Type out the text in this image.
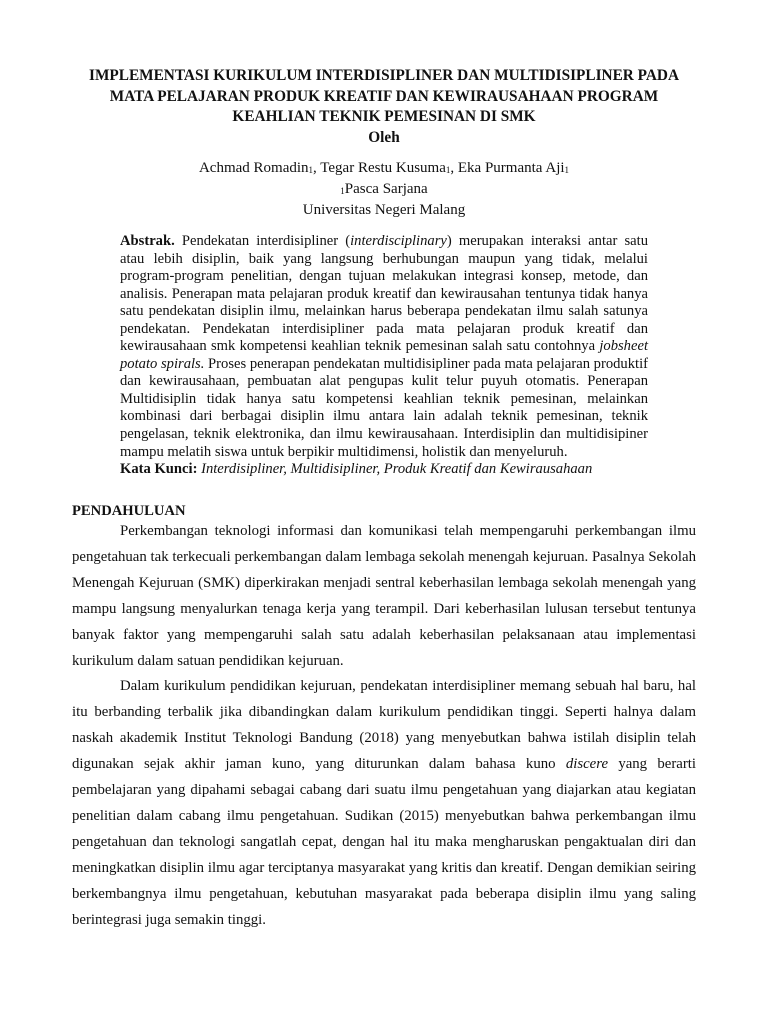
IMPLEMENTASI KURIKULUM INTERDISIPLINER DAN MULTIDISIPLINER PADA
MATA PELAJARAN PRODUK KREATIF DAN KEWIRAUSAHAAN PROGRAM
KEAHLIAN TEKNIK PEMESINAN DI SMK
Oleh
Achmad Romadin$_1$, Tegar Restu Kusuma$_1$, Eka Purmanta Aji$_1$
$_1$Pasca Sarjana
Universitas Negeri Malang
Abstrak. Pendekatan interdisipliner (interdisciplinary) merupakan interaksi antar satu atau lebih disiplin, baik yang langsung berhubungan maupun yang tidak, melalui program-program penelitian, dengan tujuan melakukan integrasi konsep, metode, dan analisis. Penerapan mata pelajaran produk kreatif dan kewirausahan tentunya tidak hanya satu pendekatan disiplin ilmu, melainkan harus beberapa pendekatan ilmu salah satunya pendekatan. Pendekatan interdisipliner pada mata pelajaran produk kreatif dan kewirausahaan smk kompetensi keahlian teknik pemesinan salah satu contohnya jobsheet potato spirals. Proses penerapan pendekatan multidisipliner pada mata pelajaran produktif dan kewirausahaan, pembuatan alat pengupas kulit telur puyuh otomatis. Penerapan Multidisiplin tidak hanya satu kompetensi keahlian teknik pemesinan, melainkan kombinasi dari berbagai disiplin ilmu antara lain adalah teknik pemesinan, teknik pengelasan, teknik elektronika, dan ilmu kewirausahaan. Interdisiplin dan multidisipiner mampu melatih siswa untuk berpikir multidimensi, holistik dan menyeluruh.
Kata Kunci: Interdisipliner, Multidisipliner, Produk Kreatif dan Kewirausahaan
PENDAHULUAN

Perkembangan teknologi informasi dan komunikasi telah mempengaruhi perkembangan ilmu pengetahuan tak terkecuali perkembangan dalam lembaga sekolah menengah kejuruan. Pasalnya Sekolah Menengah Kejuruan (SMK) diperkirakan menjadi sentral keberhasilan lembaga sekolah menengah yang mampu langsung menyalurkan tenaga kerja yang terampil. Dari keberhasilan lulusan tersebut tentunya banyak faktor yang mempengaruhi salah satu adalah keberhasilan pelaksanaan atau implementasi kurikulum dalam satuan pendidikan kejuruan.

Dalam kurikulum pendidikan kejuruan, pendekatan interdisipliner memang sebuah hal baru, hal itu berbanding terbalik jika dibandingkan dalam kurikulum pendidikan tinggi. Seperti halnya dalam naskah akademik Institut Teknologi Bandung (2018) yang menyebutkan bahwa istilah disiplin telah digunakan sejak akhir jaman kuno, yang diturunkan dalam bahasa kuno discere yang berarti pembelajaran yang dipahami sebagai cabang dari suatu ilmu pengetahuan yang diajarkan atau kegiatan penelitian dalam cabang ilmu pengetahuan. Sudikan (2015) menyebutkan bahwa perkembangan ilmu pengetahuan dan teknologi sangatlah cepat, dengan hal itu maka mengharuskan pengaktualan diri dan meningkatkan disiplin ilmu agar terciptanya masyarakat yang kritis dan kreatif. Dengan demikian seiring berkembangnya ilmu pengetahuan, kebutuhan masyarakat pada beberapa disiplin ilmu yang saling berintegrasi juga semakin tinggi.
